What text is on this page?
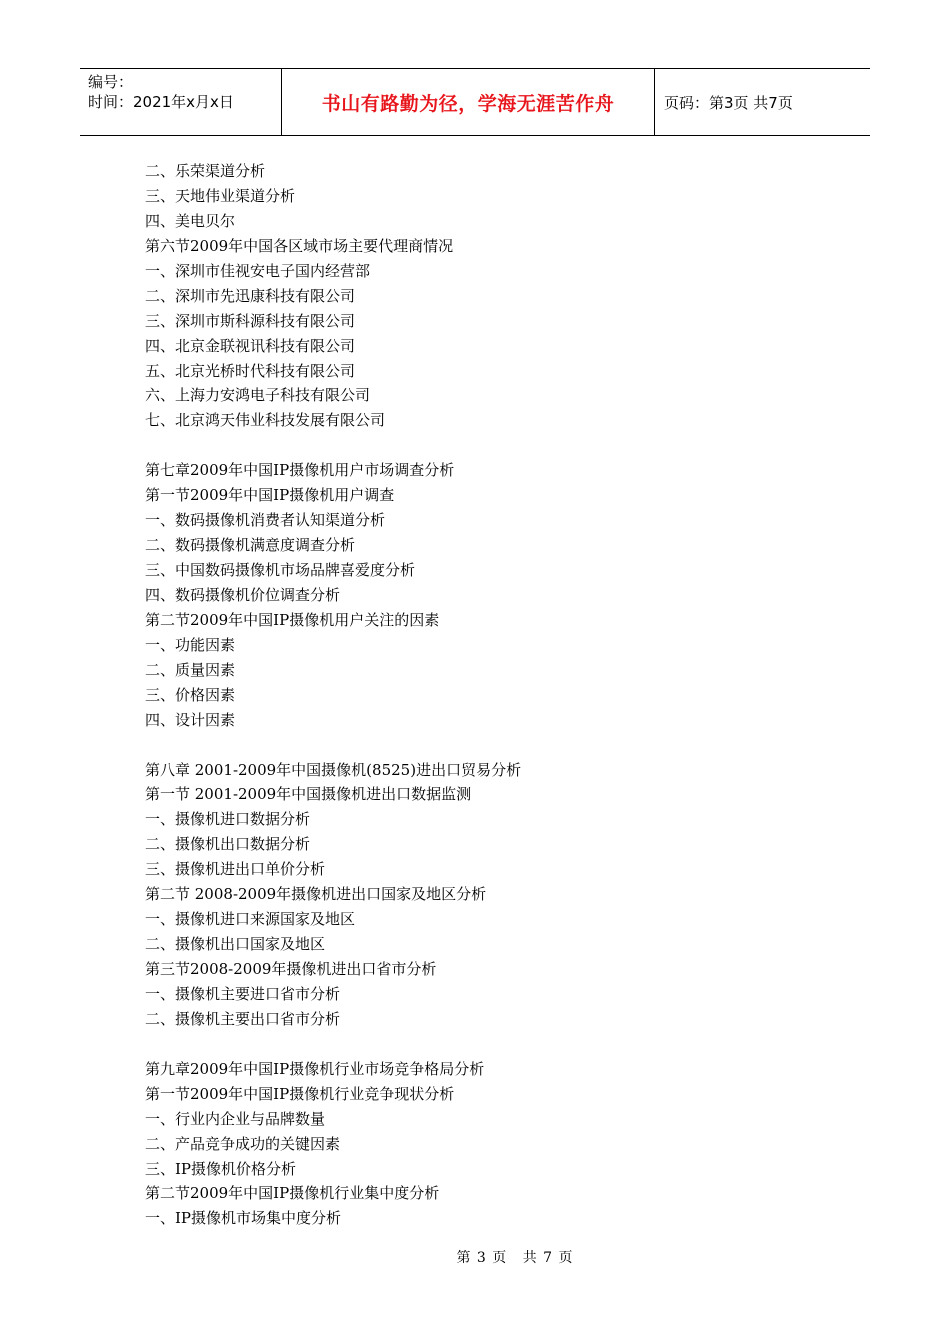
编号：
时间：2021年x月x日	书山有路勤为径，学海无涯苦作舟	页码：第3页 共7页
二、乐荣渠道分析
三、天地伟业渠道分析
四、美电贝尔
第六节2009年中国各区域市场主要代理商情况
一、深圳市佳视安电子国内经营部
二、深圳市先迅康科技有限公司
三、深圳市斯科源科技有限公司
四、北京金联视讯科技有限公司
五、北京光桥时代科技有限公司
六、上海力安鸿电子科技有限公司
七、北京鸿天伟业科技发展有限公司
第七章2009年中国IP摄像机用户市场调查分析
第一节2009年中国IP摄像机用户调查
一、数码摄像机消费者认知渠道分析
二、数码摄像机满意度调查分析
三、中国数码摄像机市场品牌喜爱度分析
四、数码摄像机价位调查分析
第二节2009年中国IP摄像机用户关注的因素
一、功能因素
二、质量因素
三、价格因素
四、设计因素
第八章 2001-2009年中国摄像机(8525)进出口贸易分析
第一节 2001-2009年中国摄像机进出口数据监测
一、摄像机进口数据分析
二、摄像机出口数据分析
三、摄像机进出口单价分析
第二节 2008-2009年摄像机进出口国家及地区分析
一、摄像机进口来源国家及地区
二、摄像机出口国家及地区
第三节2008-2009年摄像机进出口省市分析
一、摄像机主要进口省市分析
二、摄像机主要出口省市分析
第九章2009年中国IP摄像机行业市场竞争格局分析
第一节2009年中国IP摄像机行业竞争现状分析
一、行业内企业与品牌数量
二、产品竞争成功的关键因素
三、IP摄像机价格分析
第二节2009年中国IP摄像机行业集中度分析
一、IP摄像机市场集中度分析
第 3 页 共 7 页
